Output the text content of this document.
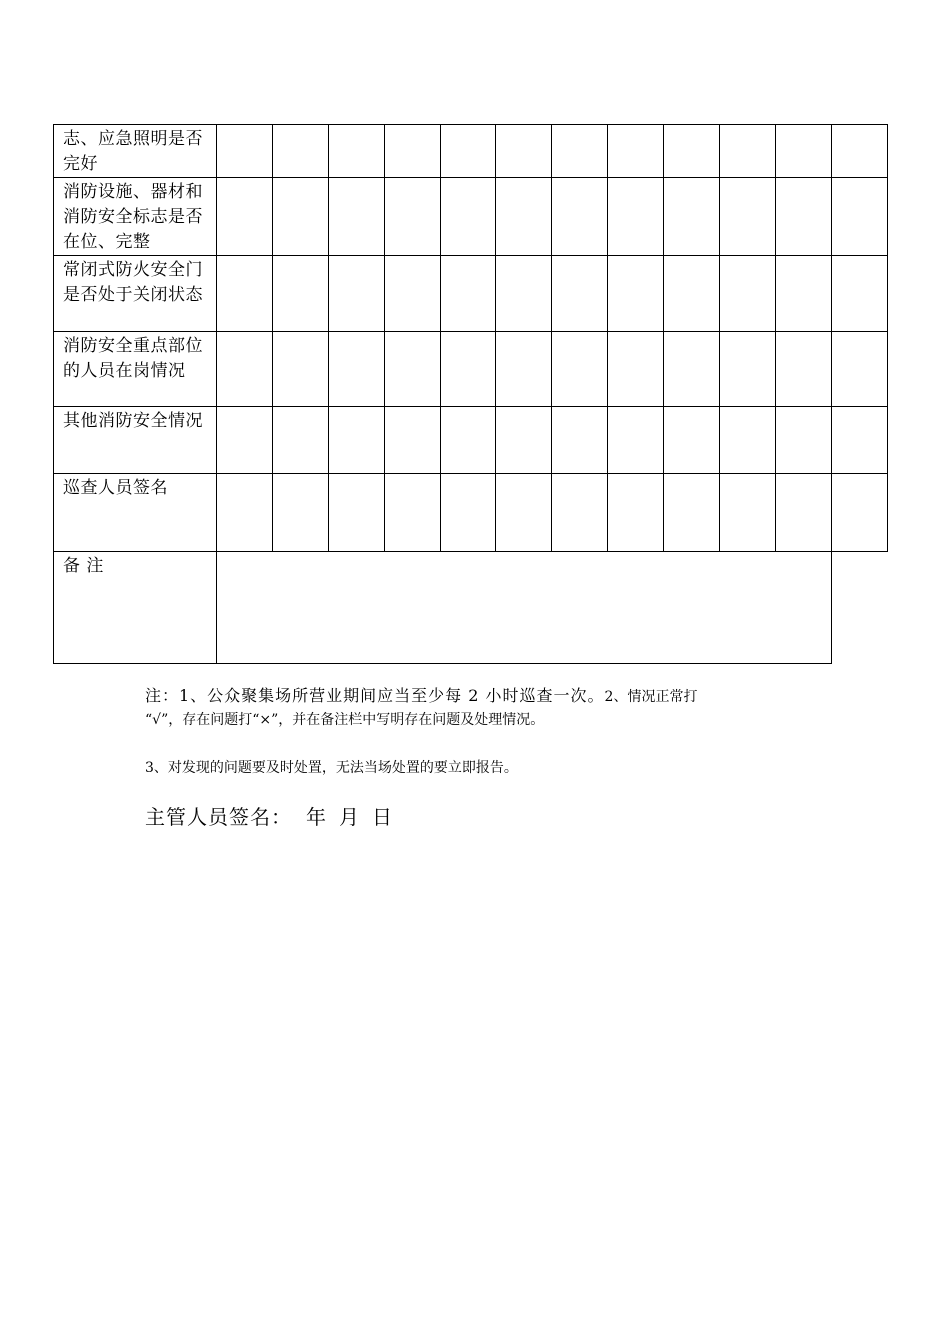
志、应急照明是否完好												
消防设施、器材和消防安全标志是否在位、完整												
常闭式防火安全门是否处于关闭状态												
消防安全重点部位的人员在岗情况												
其他消防安全情况												
巡查人员签名												
备 注												
注：1、公众聚集场所营业期间应当至少每 2 小时巡查一次。2、情况正常打
“√”，存在问题打“×”，并在备注栏中写明存在问题及处理情况。
3、对发现的问题要及时处置，无法当场处置的要立即报告。
主管人员签名： 年 月 日
